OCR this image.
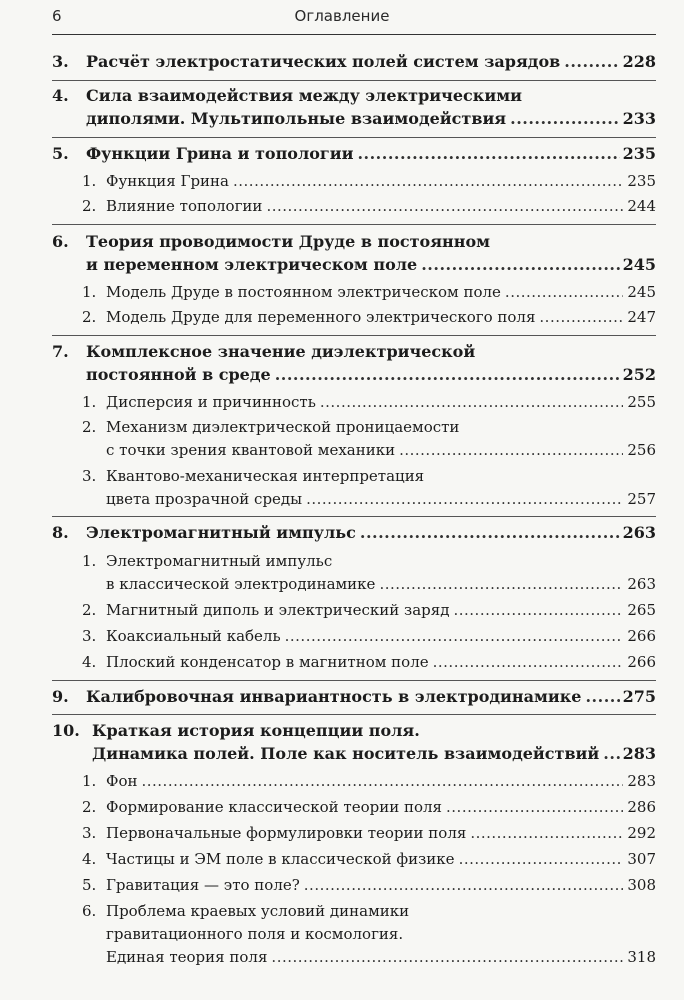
6	Оглавление
3.	Расчёт электростатических полей систем зарядов .....	228
4.	Сила взаимодействия между электрическими
диполями. Мультипольные взаимодействия .....	233
5.	Функции Грина и топологии .....	235
1. Функция Грина .....	235
2. Влияние топологии .....	244
6.	Теория проводимости Друде в постоянном
и переменном электрическом поле .....	245
1. Модель Друде в постоянном электрическом поле .....	245
2. Модель Друде для переменного электрического поля .....	247
7.	Комплексное значение диэлектрической
постоянной в среде .....	252
1. Дисперсия и причинность .....	255
2. Механизм диэлектрической проницаемости
с точки зрения квантовой механики .....	256
3. Квантово-механическая интерпретация
цвета прозрачной среды .....	257
8.	Электромагнитный импульс .....	263
1. Электромагнитный импульс
в классической электродинамике .....	263
2. Магнитный диполь и электрический заряд .....	265
3. Коаксиальный кабель .....	266
4. Плоский конденсатор в магнитном поле .....	266
9.	Калибровочная инвариантность в электродинамике .....	275
10. Краткая история концепции поля.
Динамика полей. Поле как носитель взаимодействий ..... 283
1. Фон .....	283
2. Формирование классической теории поля .....	286
3. Первоначальные формулировки теории поля .....	292
4. Частицы и ЭМ поле в классической физике .....	307
5. Гравитация — это поле? .....	308
6. Проблема краевых условий динамики
гравитационного поля и космология.
Единая теория поля .....	318
